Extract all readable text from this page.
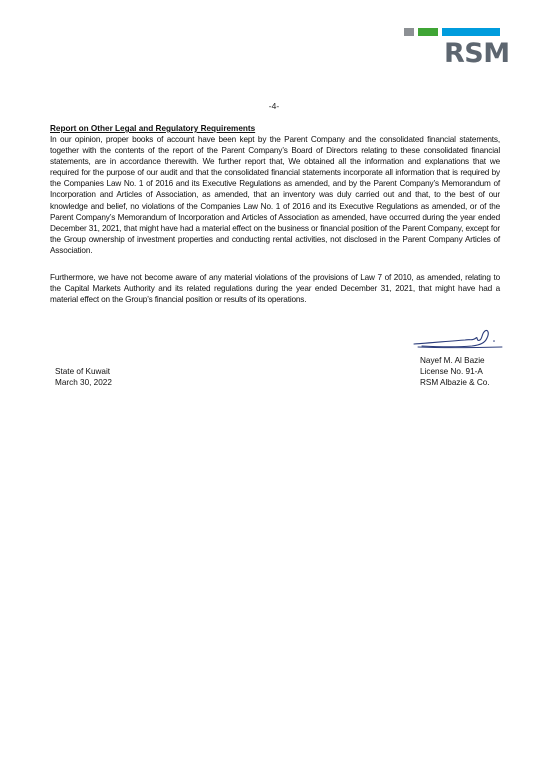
RSM
-4-
Report on Other Legal and Regulatory Requirements
In our opinion, proper books of account have been kept by the Parent Company and the consolidated financial statements, together with the contents of the report of the Parent Company’s Board of Directors relating to these consolidated financial statements, are in accordance therewith. We further report that, We obtained all the information and explanations that we required for the purpose of our audit and that the consolidated financial statements incorporate all information that is required by the Companies Law No. 1 of 2016 and its Executive Regulations as amended, and by the Parent Company’s Memorandum of Incorporation and Articles of Association, as amended, that an inventory was duly carried out and that, to the best of our knowledge and belief, no violations of the Companies Law No. 1 of 2016 and its Executive Regulations as amended, or of the Parent Company’s Memorandum of Incorporation and Articles of Association as amended, have occurred during the year ended December 31, 2021, that might have had a material effect on the business or financial position of the Parent Company, except for the Group ownership of investment properties and conducting rental activities, not disclosed in the Parent Company Articles of Association.
Furthermore, we have not become aware of any material violations of the provisions of Law 7 of 2010, as amended, relating to the Capital Markets Authority and its related regulations during the year ended December 31, 2021, that might have had a material effect on the Group’s financial position or results of its operations.
Nayef M. Al Bazie
License No. 91-A
RSM Albazie & Co.
State of Kuwait
March 30, 2022
